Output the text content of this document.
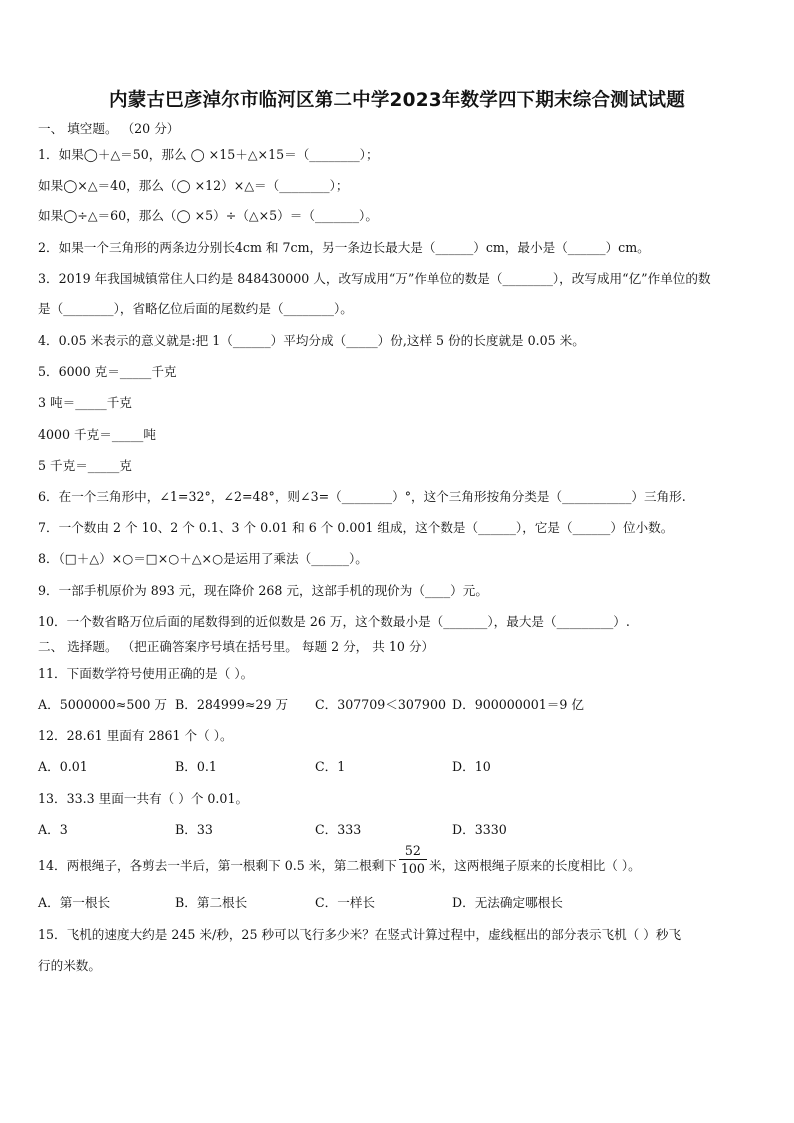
内蒙古巴彦淖尔市临河区第二中学2023年数学四下期末综合测试试题
一、 填空题。 （20 分）
1．如果◯＋△＝50，那么 ◯ ×15＋△×15＝（________）；
如果◯×△＝40，那么（◯ ×12）×△＝（________）；
如果◯÷△＝60，那么（◯ ×5）÷（△×5）＝（_______）。
2．如果一个三角形的两条边分别长4cm 和 7cm，另一条边长最大是（______）cm，最小是（______）cm。
3．2019 年我国城镇常住人口约是 848430000 人，改写成用“万”作单位的数是（________），改写成用“亿”作单位的数
是（________），省略亿位后面的尾数约是（________）。
4．0.05 米表示的意义就是:把 1（______）平均分成（_____）份,这样 5 份的长度就是 0.05 米。
5．6000 克＝_____千克
3 吨＝_____千克
4000 千克＝_____吨
5 千克＝_____克
6．在一个三角形中，∠1=32°，∠2=48°，则∠3=（________）°，这个三角形按角分类是（___________）三角形.
7．一个数由 2 个 10、2 个 0.1、3 个 0.01 和 6 个 0.001 组成，这个数是（______），它是（______）位小数。
8．（□＋△）×○＝□×○＋△×○是运用了乘法（______）。
9．一部手机原价为 893 元，现在降价 268 元，这部手机的现价为（____）元。
10．一个数省略万位后面的尾数得到的近似数是 26 万，这个数最小是（_______），最大是（_________）.
二、 选择题。 （把正确答案序号填在括号里。 每题 2 分， 共 10 分）
11．下面数学符号使用正确的是（ ）。
A．5000000≈500 万 B．284999≈29 万 C．307709＜307900 D．900000001＝9 亿
12．28.61 里面有 2861 个（ ）。
A．0.01	B．0.1	C．1	D．10
13．33.3 里面一共有（ ）个 0.01。
A．3	B．33	C．333	D．3330
14．两根绳子，各剪去一半后，第一根剩下 0.5 米，第二根剩下 $\frac{52}{100}$ 米，这两根绳子原来的长度相比（ ）。
A．第一根长	B．第二根长	C．一样长	D．无法确定哪根长
15．飞机的速度大约是 245 米/秒，25 秒可以飞行多少米？在竖式计算过程中，虚线框出的部分表示飞机（ ）秒飞
行的米数。
